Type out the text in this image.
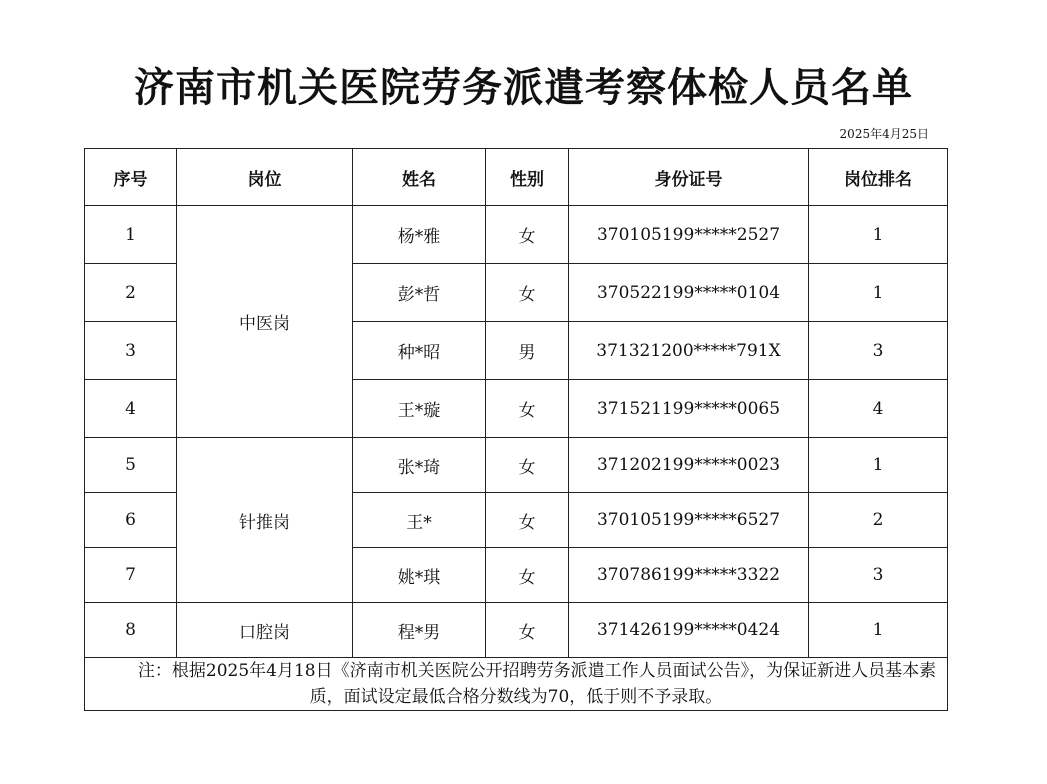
济南市机关医院劳务派遣考察体检人员名单
2025年4月25日
序号	岗位	姓名	性别	身份证号	岗位排名
1	中医岗	杨*雅	女	370105199*****2527	1
2		彭*哲	女	370522199*****0104	1
3		种*昭	男	371321200*****791X	3
4		王*璇	女	371521199*****0065	4
5	针推岗	张*琦	女	371202199*****0023	1
6		王*	女	370105199*****6527	2
7		姚*琪	女	370786199*****3322	3
8	口腔岗	程*男	女	371426199*****0424	1
注：根据2025年4月18日《济南市机关医院公开招聘劳务派遣工作人员面试公告》，为保证新进人员基本素质，面试设定最低合格分数线为70，低于则不予录取。					
